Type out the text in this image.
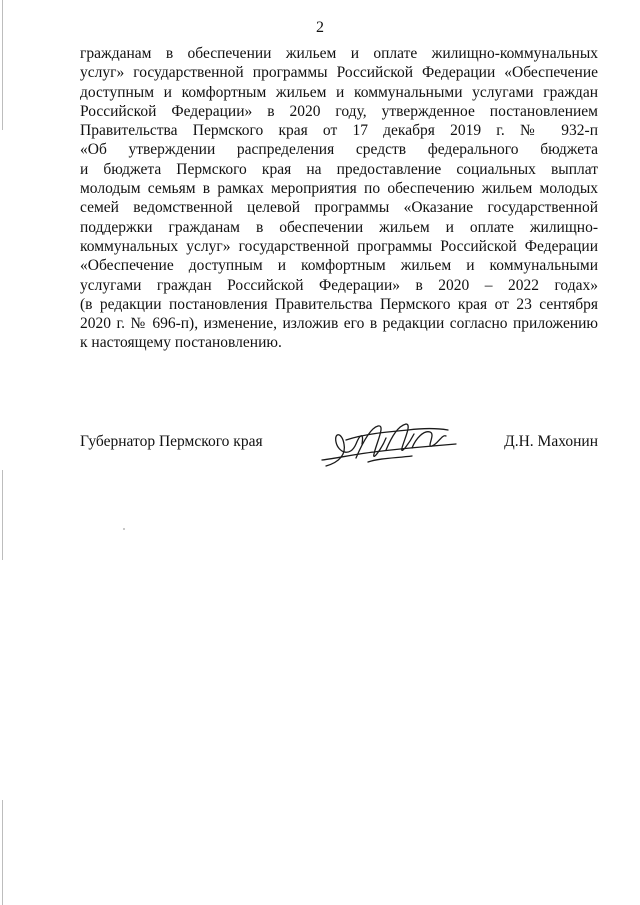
2
гражданам в обеспечении жильем и оплате жилищно-коммунальных
услуг» государственной программы Российской Федерации «Обеспечение
доступным и комфортным жильем и коммунальными услугами граждан
Российской Федерации» в 2020 году, утвержденное постановлением
Правительства Пермского края от 17 декабря 2019 г. № 932-п
«Об утверждении распределения средств федерального бюджета
и бюджета Пермского края на предоставление социальных выплат
молодым семьям в рамках мероприятия по обеспечению жильем молодых
семей ведомственной целевой программы «Оказание государственной
поддержки гражданам в обеспечении жильем и оплате жилищно-
коммунальных услуг» государственной программы Российской Федерации
«Обеспечение доступным и комфортным жильем и коммунальными
услугами граждан Российской Федерации» в 2020 – 2022 годах»
(в редакции постановления Правительства Пермского края от 23 сентября
2020 г. № 696-п), изменение, изложив его в редакции согласно приложению
к настоящему постановлению.
Губернатор Пермского края	Д.Н. Махонин
